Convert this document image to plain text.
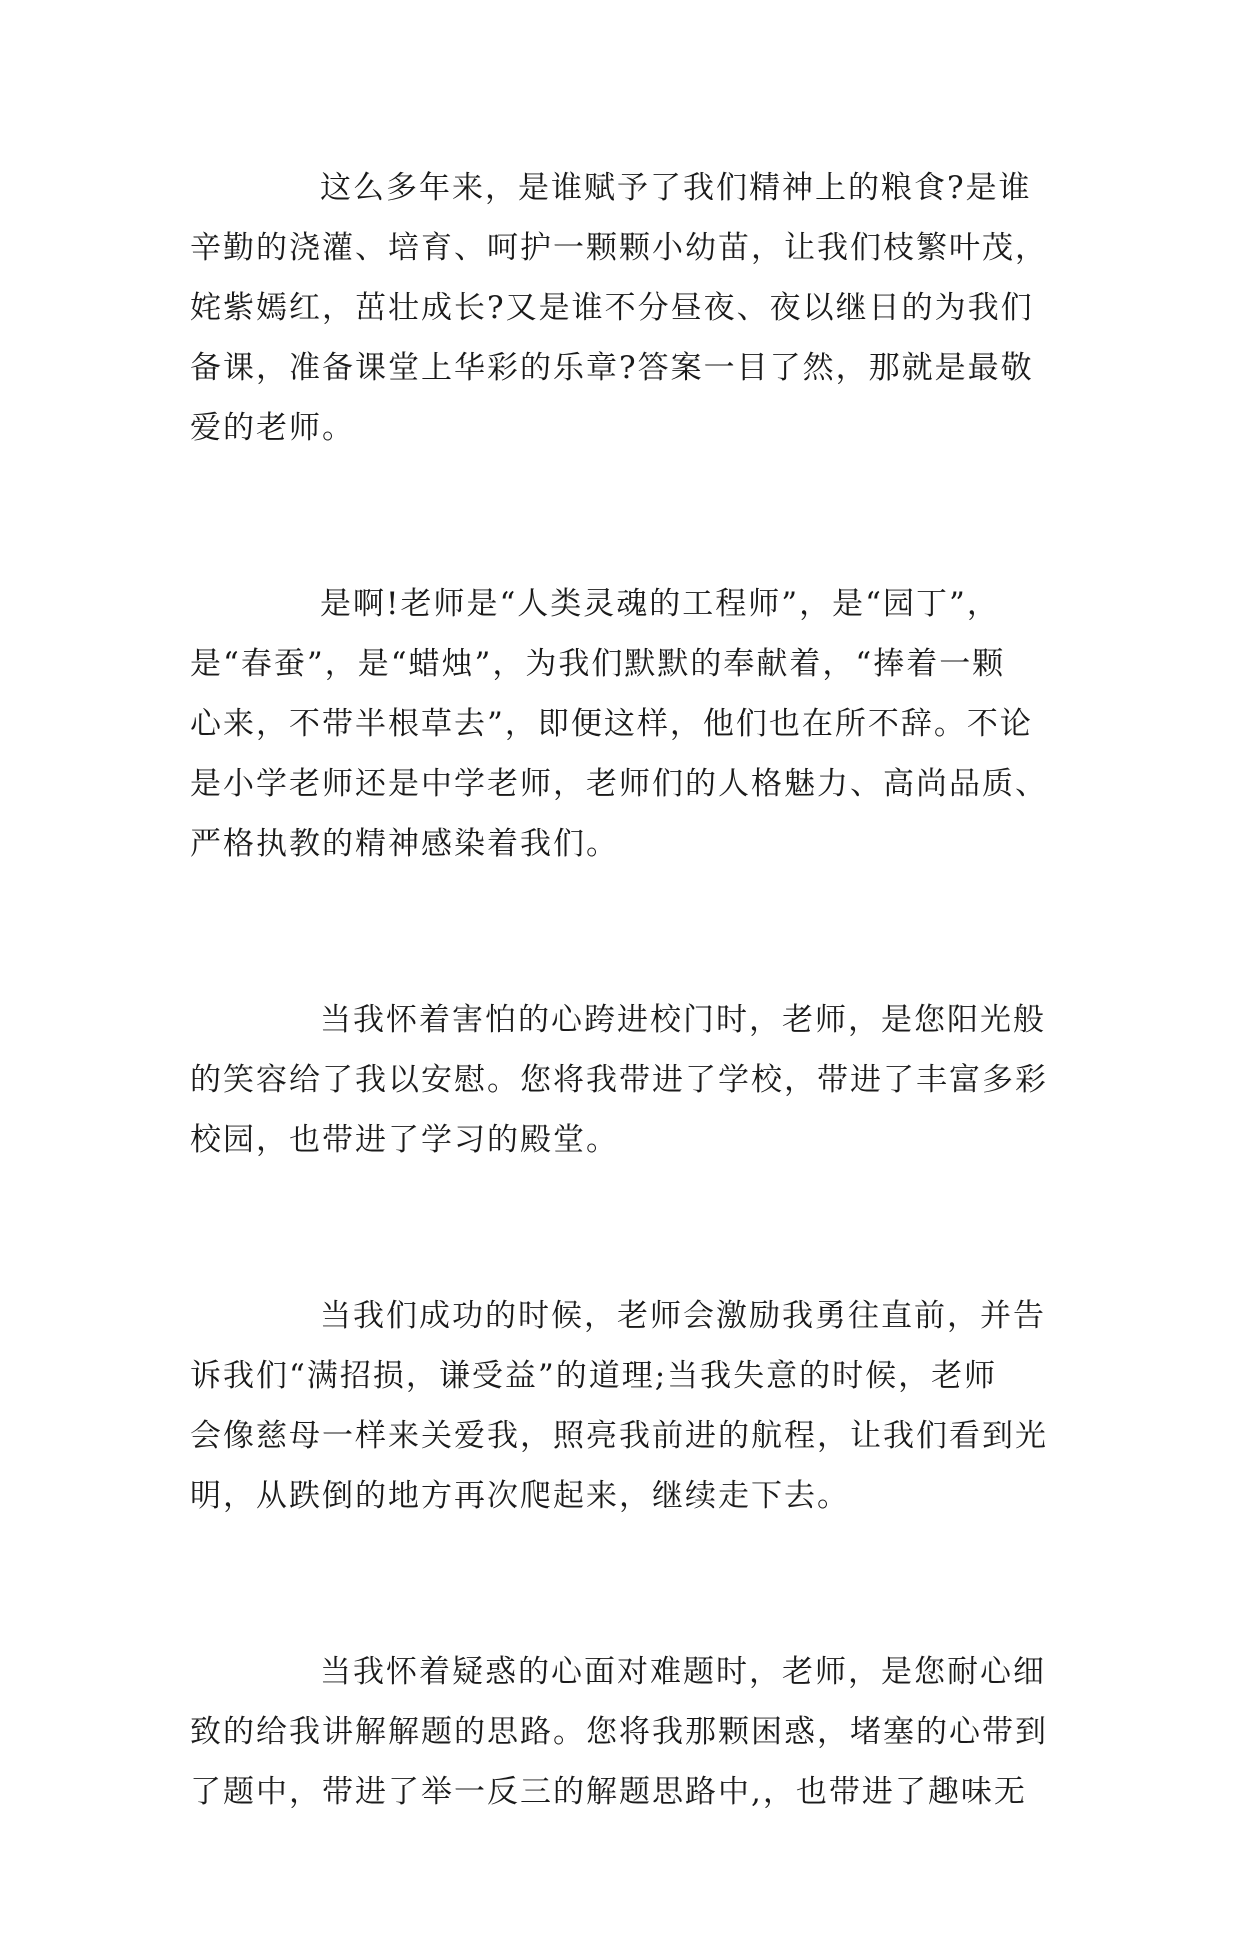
这么多年来，是谁赋予了我们精神上的粮食?是谁
辛勤的浇灌、培育、呵护一颗颗小幼苗，让我们枝繁叶茂，
姹紫嫣红，茁壮成长?又是谁不分昼夜、夜以继日的为我们
备课，准备课堂上华彩的乐章?答案一目了然，那就是最敬
爱的老师。

是啊!老师是“人类灵魂的工程师”，是“园丁”，
是“春蚕”，是“蜡烛”，为我们默默的奉献着，“捧着一颗
心来，不带半根草去”，即便这样，他们也在所不辞。不论
是小学老师还是中学老师，老师们的人格魅力、高尚品质、
严格执教的精神感染着我们。

当我怀着害怕的心跨进校门时，老师，是您阳光般
的笑容给了我以安慰。您将我带进了学校，带进了丰富多彩
校园，也带进了学习的殿堂。

当我们成功的时候，老师会激励我勇往直前，并告
诉我们“满招损，谦受益”的道理;当我失意的时候，老师
会像慈母一样来关爱我，照亮我前进的航程，让我们看到光
明，从跌倒的地方再次爬起来，继续走下去。

当我怀着疑惑的心面对难题时，老师，是您耐心细
致的给我讲解解题的思路。您将我那颗困惑，堵塞的心带到
了题中，带进了举一反三的解题思路中,，也带进了趣味无
